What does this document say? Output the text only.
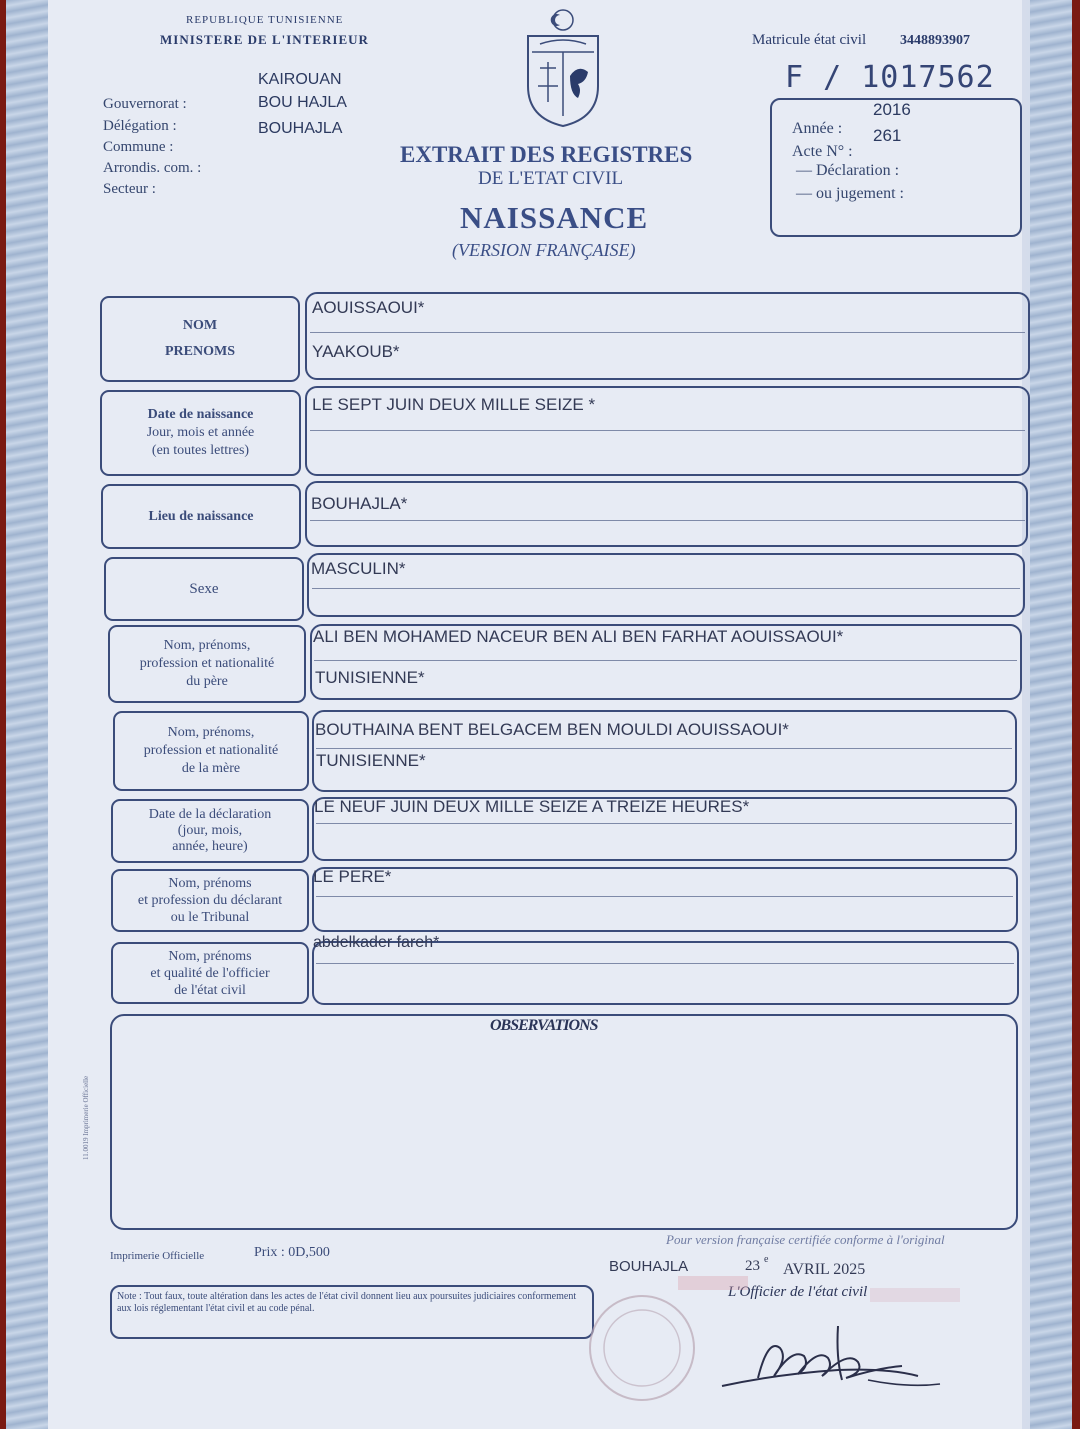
REPUBLIQUE TUNISIENNE
MINISTERE DE L'INTERIEUR
Gouvernorat :
Délégation :
Commune :
Arrondis. com. :
Secteur :
KAIROUAN
BOU HAJLA
BOUHAJLA
Matricule état civil 3448893907
F / 1017562
EXTRAIT DES REGISTRES
DE L'ETAT CIVIL
NAISSANCE
(VERSION FRANÇAISE)
2016
Année : 261
Acte N° :
— Déclaration :
— ou jugement :
NOM
PRENOMS
AOUISSAOUI*
YAAKOUB*
Date de naissance
Jour, mois et année
(en toutes lettres)
LE SEPT JUIN DEUX MILLE SEIZE *
Lieu de naissance
BOUHAJLA*
Sexe
MASCULIN*
Nom, prénoms,
profession et nationalité
du père
ALI BEN MOHAMED NACEUR BEN ALI BEN FARHAT AOUISSAOUI*
TUNISIENNE*
Nom, prénoms,
profession et nationalité
de la mère
BOUTHAINA BENT BELGACEM BEN MOULDI AOUISSAOUI*
TUNISIENNE*
Date de la déclaration
(jour, mois,
année, heure)
LE NEUF JUIN DEUX MILLE SEIZE A TREIZE HEURES*
Nom, prénoms
et profession du déclarant
ou le Tribunal
LE PERE*
Nom, prénoms
et qualité de l'officier
de l'état civil
abdelkader fareh*
OBSERVATIONS
11.0019 Imprimerie Officielle
Imprimerie Officielle	Prix : 0D,500
Pour version française certifiée conforme à l'original
BOUHAJLA	23 e
AVRIL 2025
L'Officier de l'état civil
Note : Tout faux, toute altération dans les actes de l'état civil donnent lieu aux poursuites judiciaires conformement aux lois réglementant l'état civil et au code pénal.
